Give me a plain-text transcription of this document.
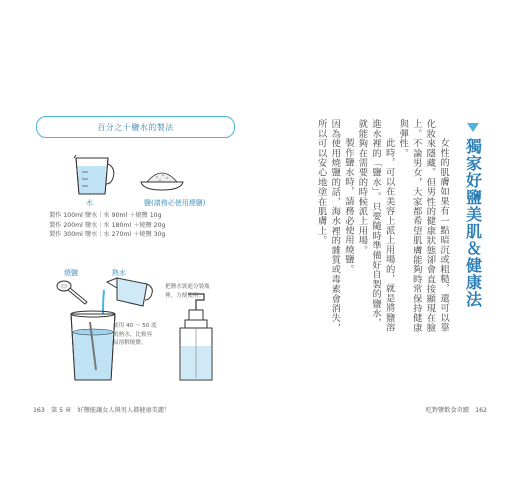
百分之十鹽水的製法
水	鹽(請務必使用燒鹽)
製作 100ml 鹽水｜水 90ml ＋燒鹽 10g
製作 200ml 鹽水｜水 180ml ＋燒鹽 20g
製作 300ml 鹽水｜水 270ml ＋燒鹽 30g
燒鹽	熱水
使用 40 ～ 50 度
的熱水，比較容
易溶解燒鹽。
把鹽水裝進分裝瓶
裡，方便使用。
163　第 5 章　好鹽能讓女人與男人都健康美麗！
獨家好鹽美肌＆健康法

女性的肌膚如果有一點暗沉或粗糙，還可以靠化妝來隱藏。但男性的健康狀態卻會直接顯現在臉上。不論男女，大家都希望肌膚能夠時常保持健康與彈性。

此時，可以在美容上派上用場的，就是將鹽溶進水裡的「鹽水」。只要隨時準備好自製的鹽水，就能夠在需要的時候派上用場。

製作鹽水時，請務必使用燒鹽。

因為使用燒鹽的話，海水裡的雜質或毒素會消失，所以可以安心地塗在肌膚上。

吃對鹽飲食奇蹟　162
